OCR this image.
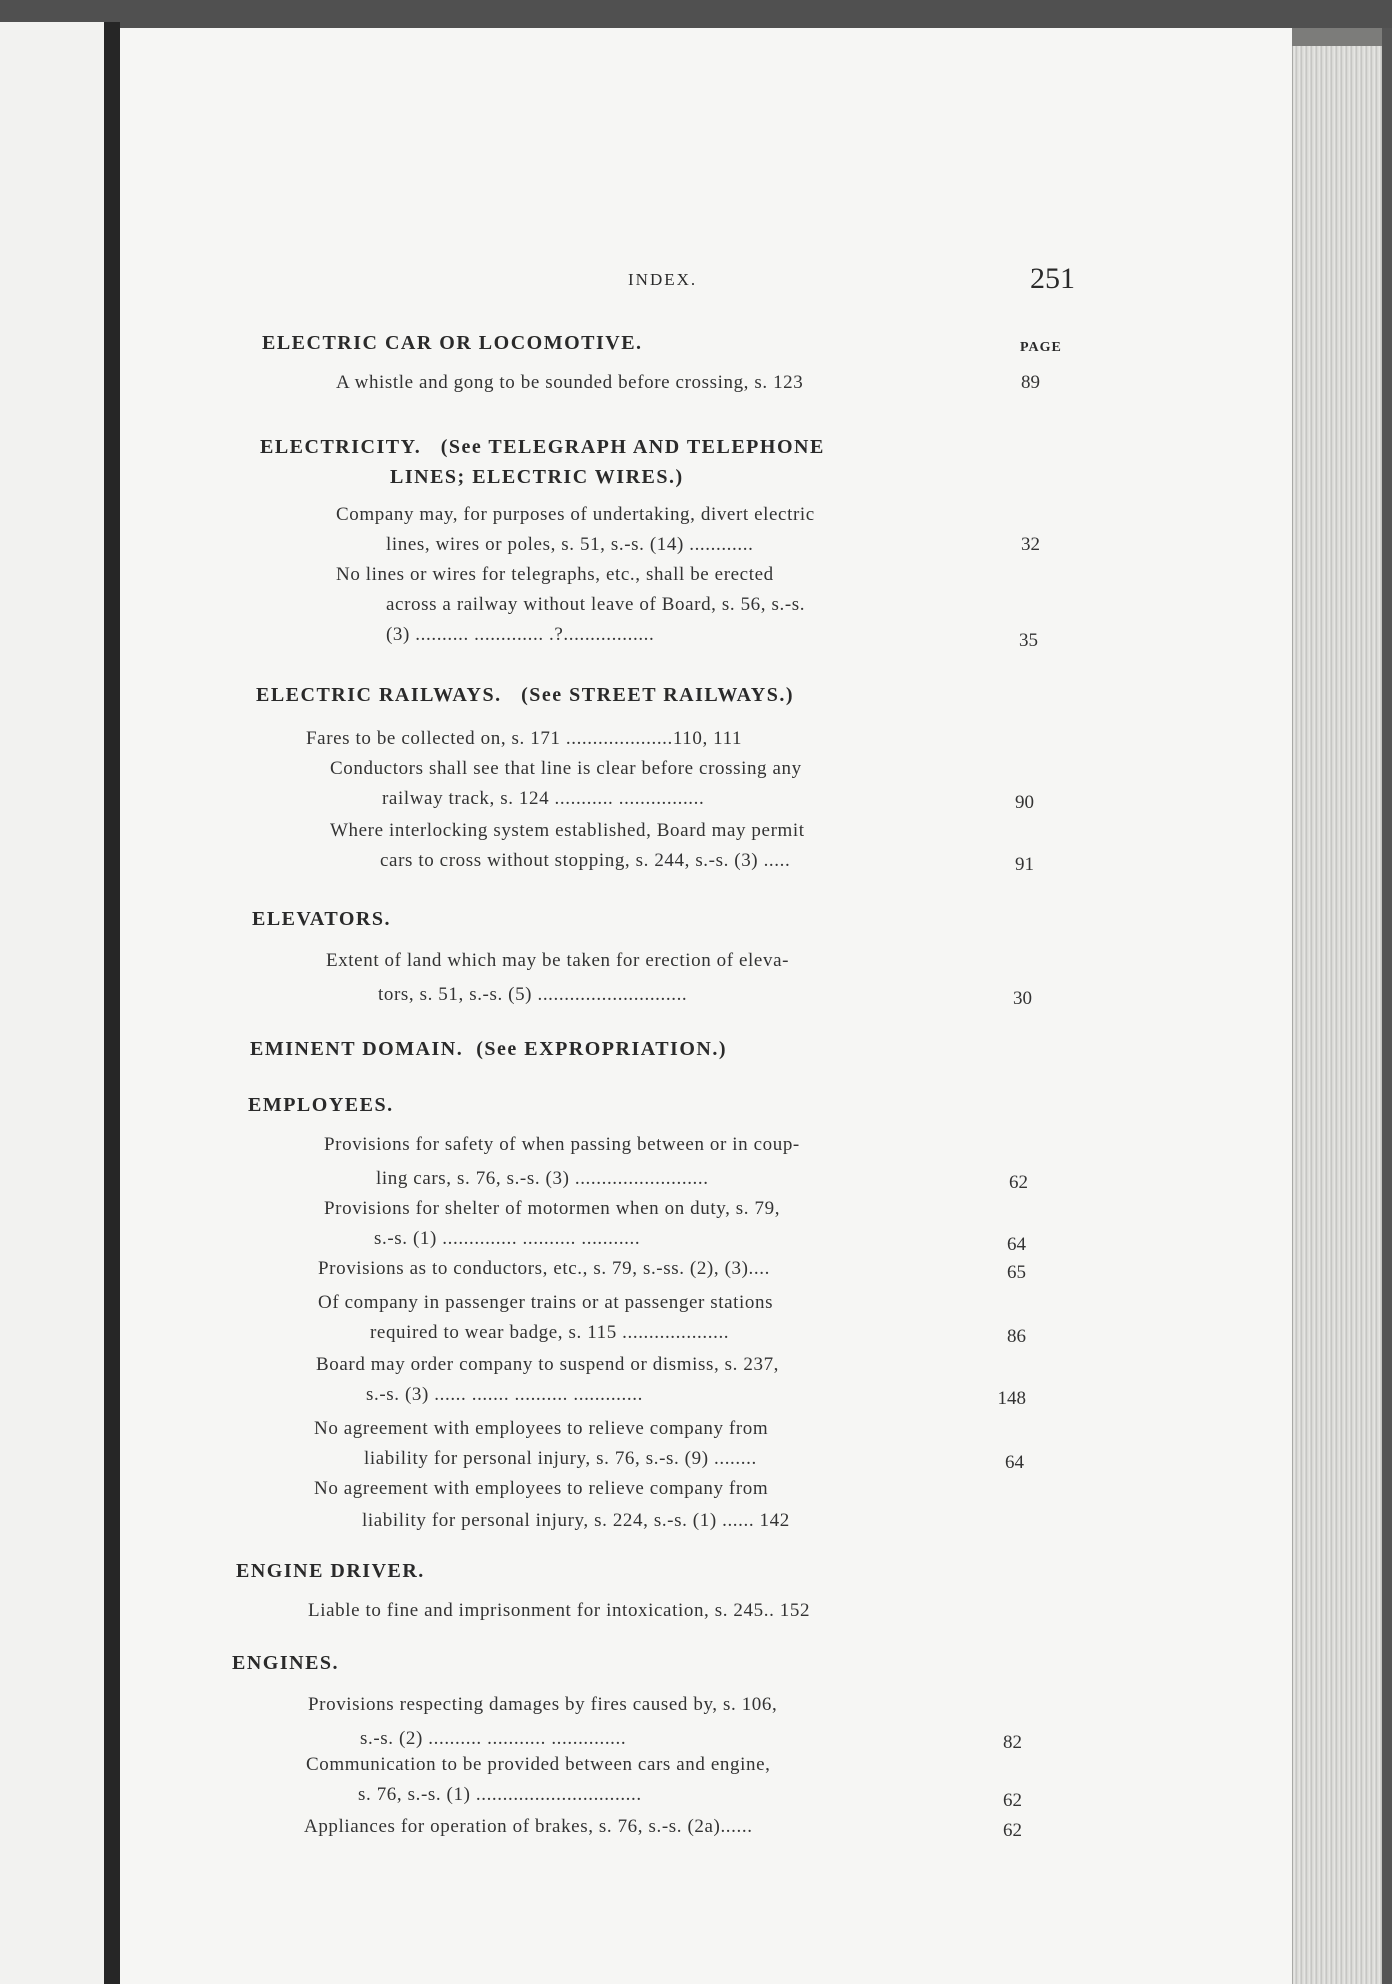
INDEX.	251
ELECTRIC CAR OR LOCOMOTIVE.	PAGE
A whistle and gong to be sounded before crossing, s. 123	89
ELECTRICITY. (See TELEGRAPH AND TELEPHONE
LINES; ELECTRIC WIRES.)
Company may, for purposes of undertaking, divert electric
lines, wires or poles, s. 51, s.-s. (14) ............	32
No lines or wires for telegraphs, etc., shall be erected
across a railway without leave of Board, s. 56, s.-s.
(3) .......... ............. .?.................	35
ELECTRIC RAILWAYS. (See STREET RAILWAYS.)
Fares to be collected on, s. 171 ....................110, 111
Conductors shall see that line is clear before crossing any
railway track, s. 124 ........... ................	90
Where interlocking system established, Board may permit
cars to cross without stopping, s. 244, s.-s. (3) .....	91
ELEVATORS.
Extent of land which may be taken for erection of eleva-
tors, s. 51, s.-s. (5) ............................	30
EMINENT DOMAIN. (See EXPROPRIATION.)
EMPLOYEES.
Provisions for safety of when passing between or in coup-
ling cars, s. 76, s.-s. (3) .........................	62
Provisions for shelter of motormen when on duty, s. 79,
s.-s. (1) .............. .......... ...........	64
Provisions as to conductors, etc., s. 79, s.-ss. (2), (3)....	65
Of company in passenger trains or at passenger stations
required to wear badge, s. 115 ....................	86
Board may order company to suspend or dismiss, s. 237,
s.-s. (3) ...... ....... .......... .............	148
No agreement with employees to relieve company from
liability for personal injury, s. 76, s.-s. (9) ........	64
No agreement with employees to relieve company from
liability for personal injury, s. 224, s.-s. (1) ...... 142
ENGINE DRIVER.
Liable to fine and imprisonment for intoxication, s. 245.. 152
ENGINES.
Provisions respecting damages by fires caused by, s. 106,
s.-s. (2) .......... ........... ..............	82
Communication to be provided between cars and engine,
s. 76, s.-s. (1) ...............................	62
Appliances for operation of brakes, s. 76, s.-s. (2a)......	62
